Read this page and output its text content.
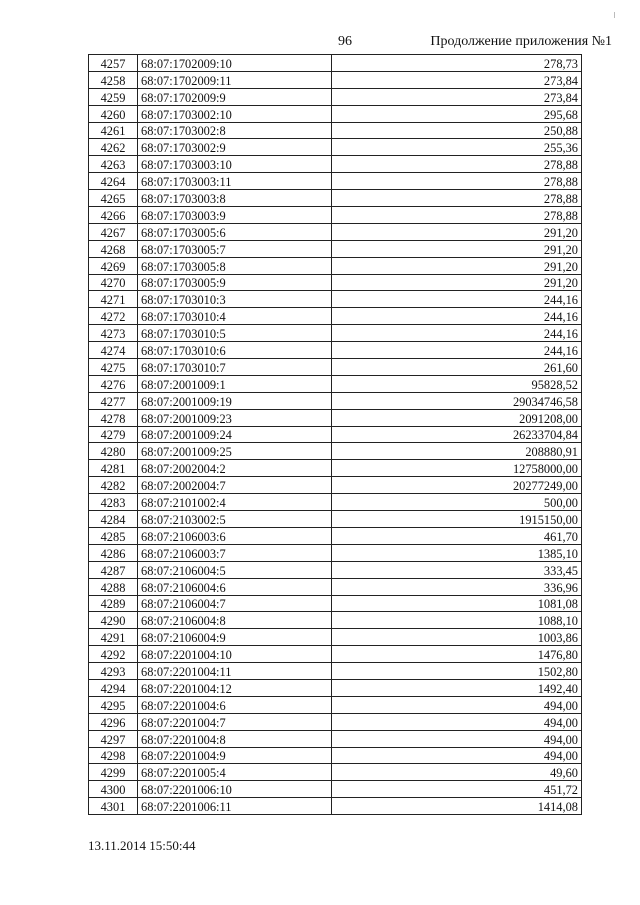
96	Продолжение приложения №1
4257	68:07:1702009:10	278,73
4258	68:07:1702009:11	273,84
4259	68:07:1702009:9	273,84
4260	68:07:1703002:10	295,68
4261	68:07:1703002:8	250,88
4262	68:07:1703002:9	255,36
4263	68:07:1703003:10	278,88
4264	68:07:1703003:11	278,88
4265	68:07:1703003:8	278,88
4266	68:07:1703003:9	278,88
4267	68:07:1703005:6	291,20
4268	68:07:1703005:7	291,20
4269	68:07:1703005:8	291,20
4270	68:07:1703005:9	291,20
4271	68:07:1703010:3	244,16
4272	68:07:1703010:4	244,16
4273	68:07:1703010:5	244,16
4274	68:07:1703010:6	244,16
4275	68:07:1703010:7	261,60
4276	68:07:2001009:1	95828,52
4277	68:07:2001009:19	29034746,58
4278	68:07:2001009:23	2091208,00
4279	68:07:2001009:24	26233704,84
4280	68:07:2001009:25	208880,91
4281	68:07:2002004:2	12758000,00
4282	68:07:2002004:7	20277249,00
4283	68:07:2101002:4	500,00
4284	68:07:2103002:5	1915150,00
4285	68:07:2106003:6	461,70
4286	68:07:2106003:7	1385,10
4287	68:07:2106004:5	333,45
4288	68:07:2106004:6	336,96
4289	68:07:2106004:7	1081,08
4290	68:07:2106004:8	1088,10
4291	68:07:2106004:9	1003,86
4292	68:07:2201004:10	1476,80
4293	68:07:2201004:11	1502,80
4294	68:07:2201004:12	1492,40
4295	68:07:2201004:6	494,00
4296	68:07:2201004:7	494,00
4297	68:07:2201004:8	494,00
4298	68:07:2201004:9	494,00
4299	68:07:2201005:4	49,60
4300	68:07:2201006:10	451,72
4301	68:07:2201006:11	1414,08
13.11.2014 15:50:44
